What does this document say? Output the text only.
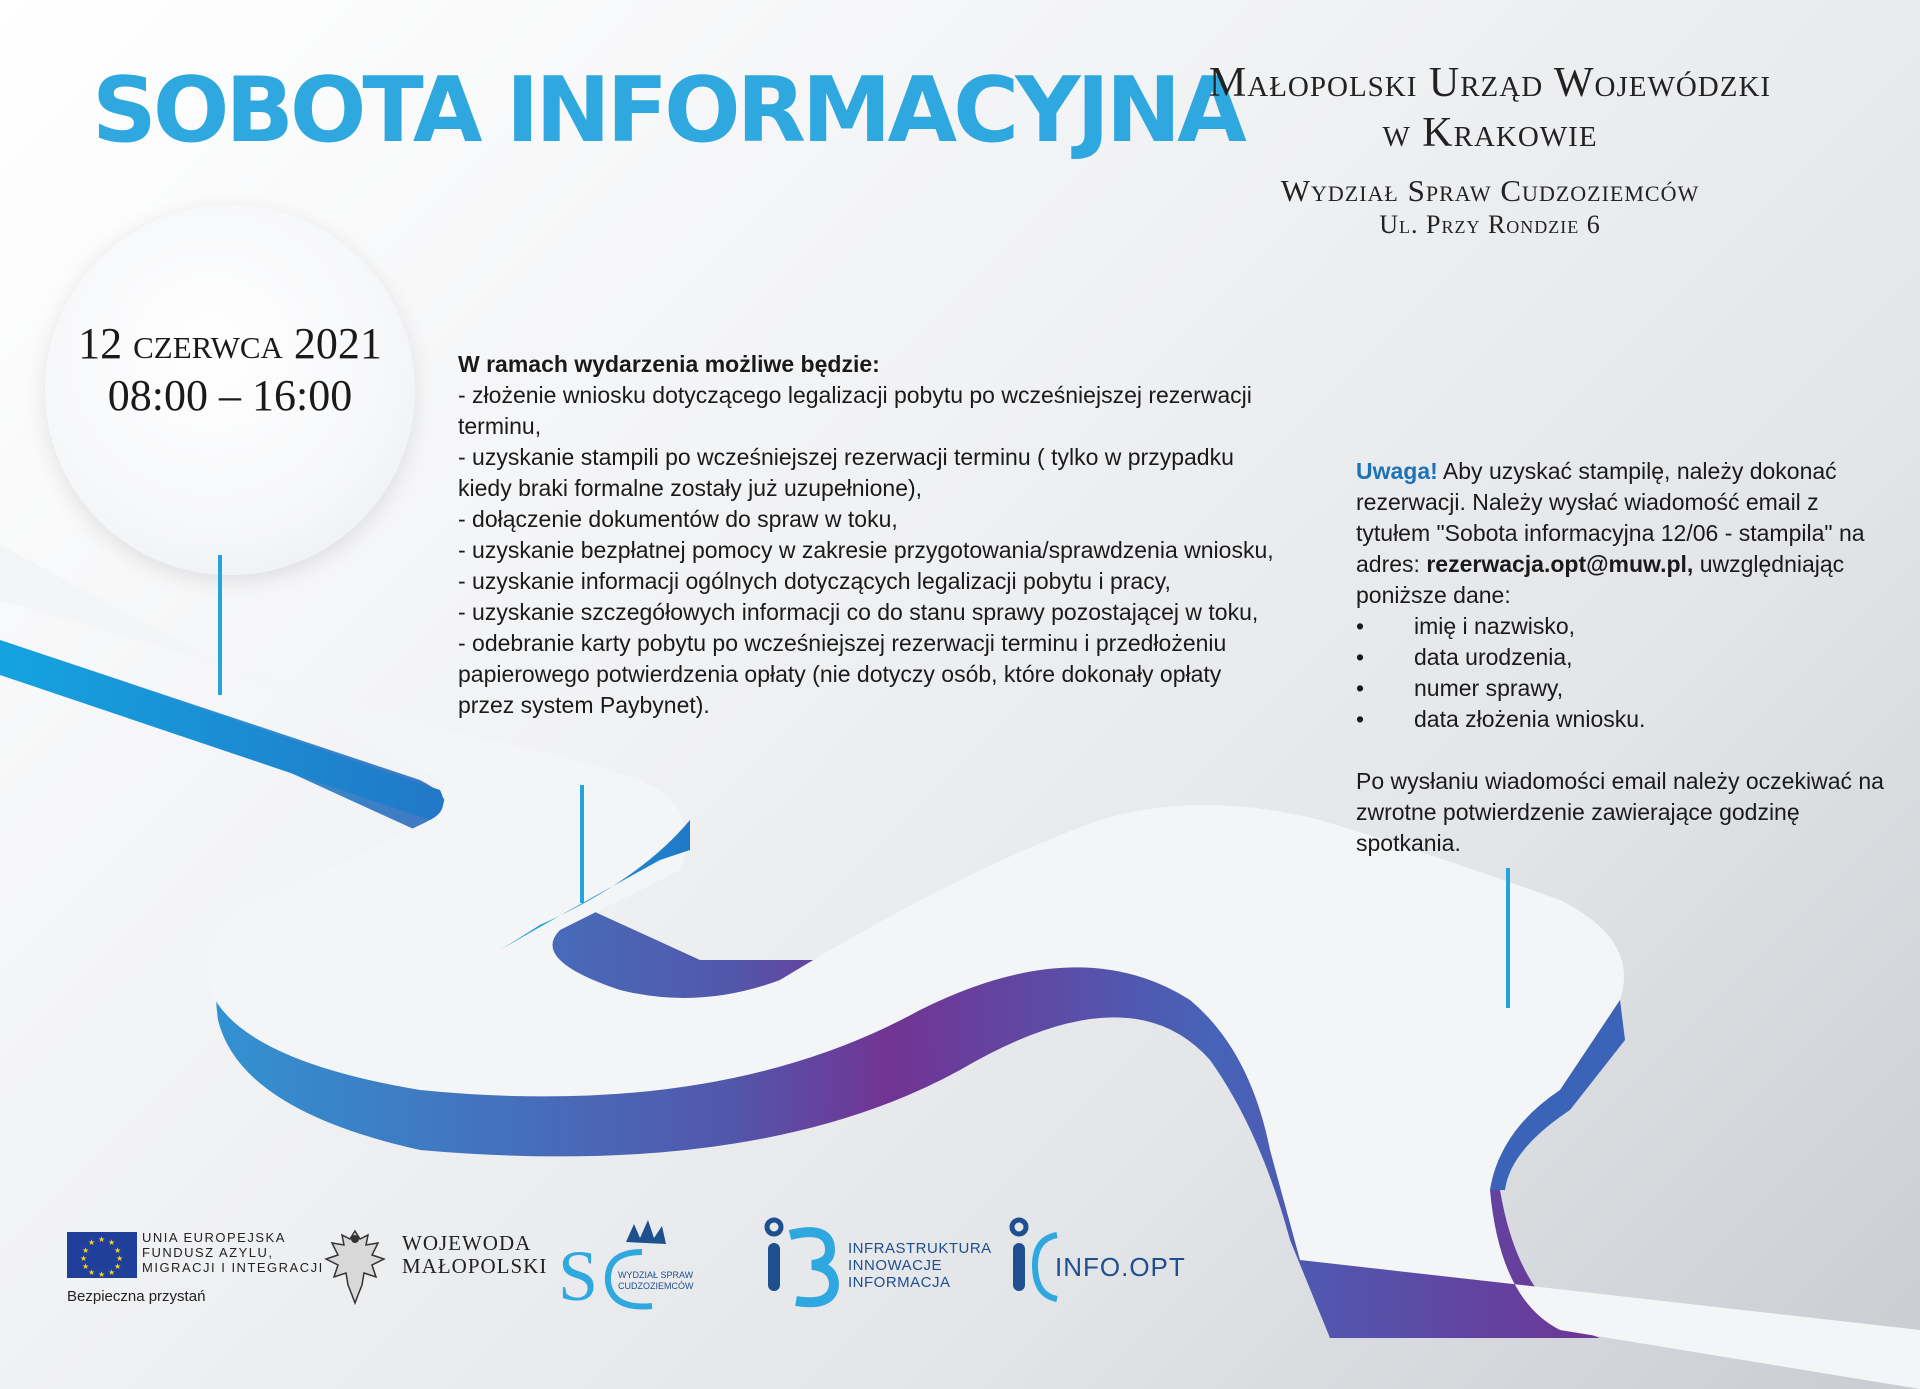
SOBOTA INFORMACYJNA
Małopolski Urząd Wojewódzki
w Krakowie
Wydział Spraw Cudzoziemców
Ul. Przy Rondzie 6
12 czerwca 2021
08:00 – 16:00
W ramach wydarzenia możliwe będzie:

- złożenie wniosku dotyczącego legalizacji pobytu po wcześniejszej rezerwacji terminu,

- uzyskanie stampili po wcześniejszej rezerwacji terminu ( tylko w przypadku kiedy braki formalne zostały już uzupełnione),

- dołączenie dokumentów do spraw w toku,

- uzyskanie bezpłatnej pomocy w zakresie przygotowania/sprawdzenia wniosku,

- uzyskanie informacji ogólnych dotyczących legalizacji pobytu i pracy,

- uzyskanie szczegółowych informacji co do stanu sprawy pozostającej w toku,

- odebranie karty pobytu po wcześniejszej rezerwacji terminu i przedłożeniu papierowego potwierdzenia opłaty (nie dotyczy osób, które dokonały opłaty przez system Paybynet).

Uwaga! Aby uzyskać stampilę, należy dokonać rezerwacji. Należy wysłać wiadomość email z tytułem "Sobota informacyjna 12/06 - stampila" na adres: rezerwacja.opt@muw.pl, uwzględniając poniższe dane:
•	imię i nazwisko,
•	data urodzenia,
•	numer sprawy,
•	data złożenia wniosku.
Po wysłaniu wiadomości email należy oczekiwać na zwrotne potwierdzenie zawierające godzinę spotkania.
★ ★
★
★
★
★
★
★
★
★
★
★	UNIA EUROPEJSKA
FUNDUSZ AZYLU,
MIGRACJI I INTEGRACJI
Bezpieczna przystań
WOJEWODA
MAŁOPOLSKI S WYDZIAŁ SPRAW
CUDZOZIEMCÓW
INFRASTRUKTURA
INNOWACJE
INFORMACJA
INFO.OPT
